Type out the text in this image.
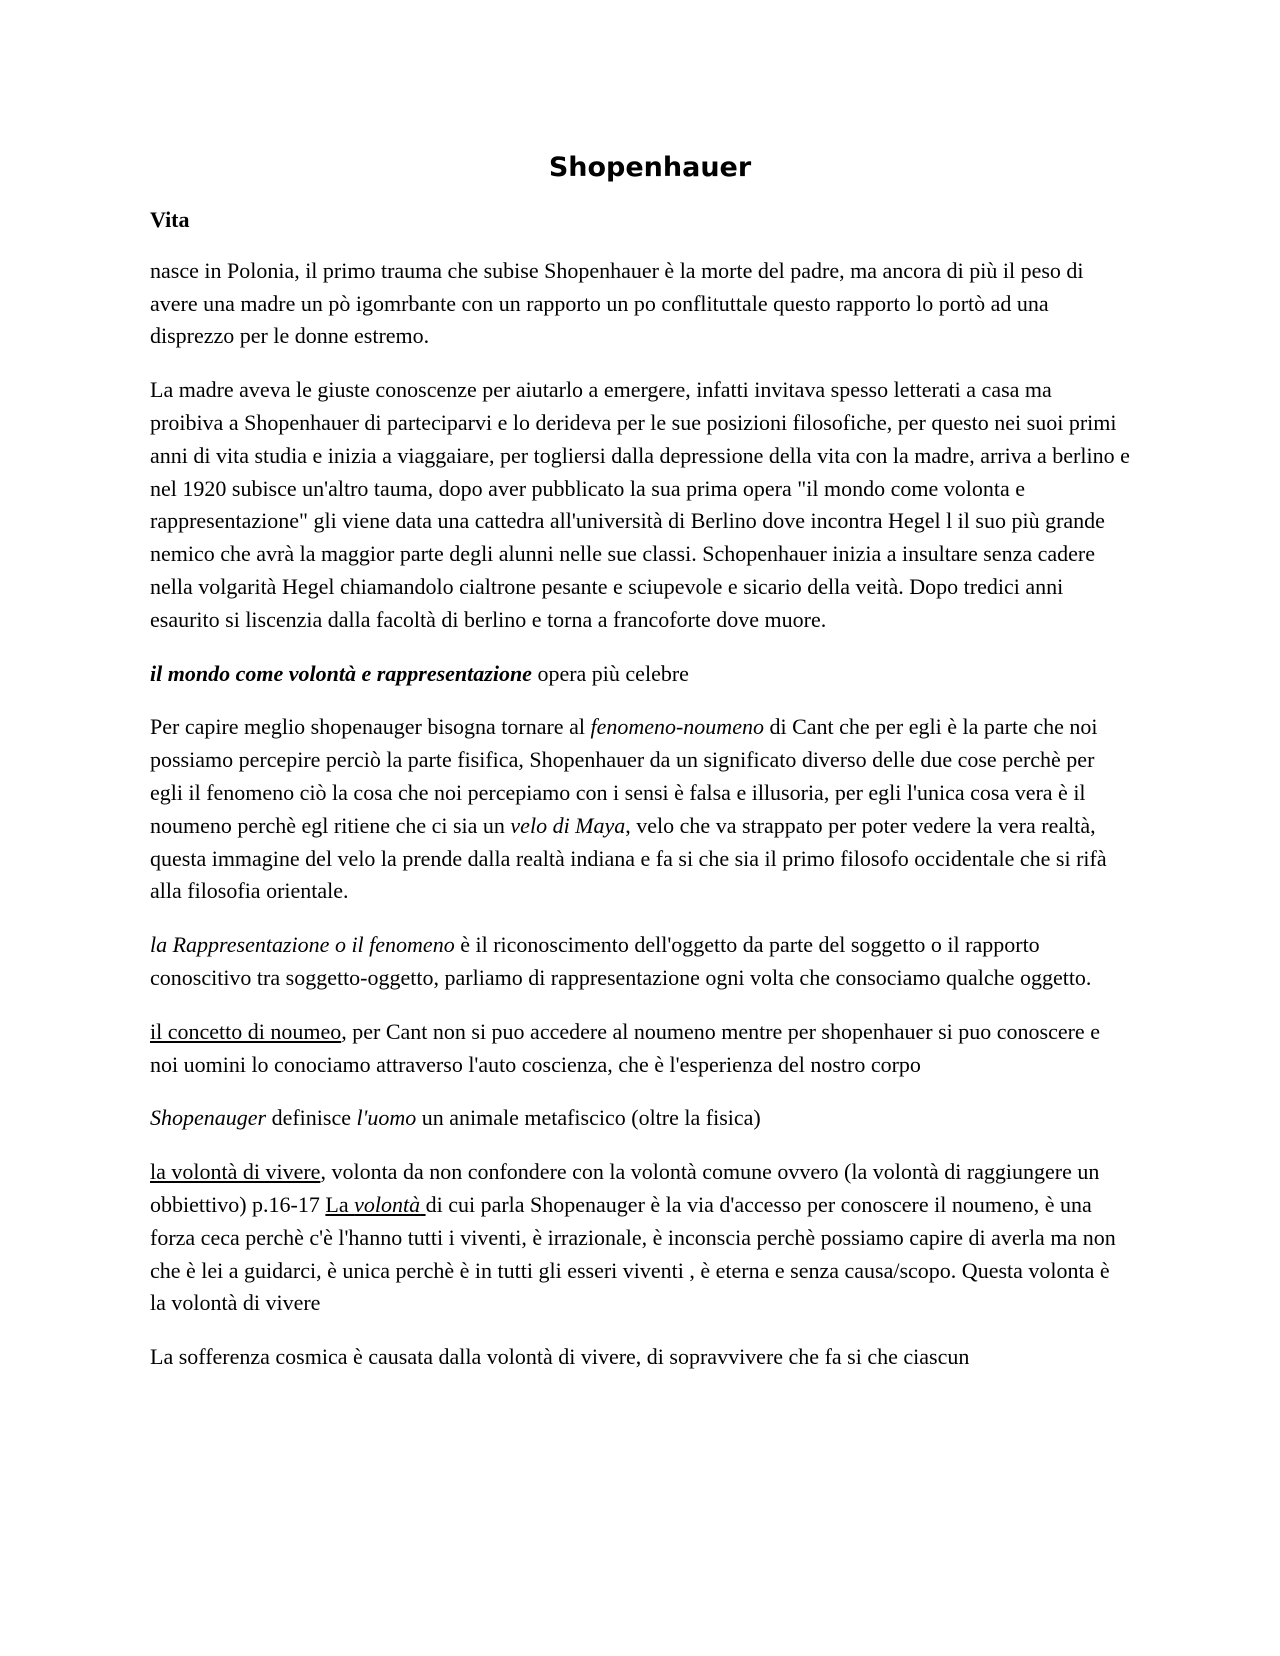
Shopenhauer
Vita

nasce in Polonia, il primo trauma che subise Shopenhauer è la morte del padre, ma ancora di più il peso di avere una madre un pò igomrbante con un rapporto un po conflituttale questo rapporto lo portò ad una disprezzo per le donne estremo.

La madre aveva le giuste conoscenze per aiutarlo a emergere, infatti invitava spesso letterati a casa ma proibiva a Shopenhauer di parteciparvi e lo derideva per le sue posizioni filosofiche, per questo nei suoi primi anni di vita studia e inizia a viaggaiare, per togliersi dalla depressione della vita con la madre, arriva a berlino e nel 1920 subisce un'altro tauma, dopo aver pubblicato la sua prima opera "il mondo come volonta e rappresentazione" gli viene data una cattedra all'università di Berlino dove incontra Hegel l il suo più grande nemico che avrà la maggior parte degli alunni nelle sue classi. Schopenhauer inizia a insultare senza cadere nella volgarità Hegel chiamandolo cialtrone pesante e sciupevole e sicario della veità. Dopo tredici anni esaurito si liscenzia dalla facoltà di berlino e torna a francoforte dove muore.

il mondo come volontà e rappresentazione opera più celebre

Per capire meglio shopenauger bisogna tornare al fenomeno-noumeno di Cant che per egli è la parte che noi possiamo percepire perciò la parte fisifica, Shopenhauer da un significato diverso delle due cose perchè per egli il fenomeno ciò la cosa che noi percepiamo con i sensi è falsa e illusoria, per egli l'unica cosa vera è il noumeno perchè egl ritiene che ci sia un velo di Maya, velo che va strappato per poter vedere la vera realtà, questa immagine del velo la prende dalla realtà indiana e fa si che sia il primo filosofo occidentale che si rifà alla filosofia orientale.

la Rappresentazione o il fenomeno è il riconoscimento dell'oggetto da parte del soggetto o il rapporto conoscitivo tra soggetto-oggetto, parliamo di rappresentazione ogni volta che consociamo qualche oggetto.

il concetto di noumeo, per Cant non si puo accedere al noumeno mentre per shopenhauer si puo conoscere e noi uomini lo conociamo attraverso l'auto coscienza, che è l'esperienza del nostro corpo

Shopenauger definisce l'uomo un animale metafiscico (oltre la fisica)

la volontà di vivere, volonta da non confondere con la volontà comune ovvero (la volontà di raggiungere un obbiettivo) p.16-17 La volontà di cui parla Shopenauger è la via d'accesso per conoscere il noumeno, è una forza ceca perchè c'è l'hanno tutti i viventi, è irrazionale, è inconscia perchè possiamo capire di averla ma non che è lei a guidarci, è unica perchè è in tutti gli esseri viventi , è eterna e senza causa/scopo. Questa volonta è la volontà di vivere

La sofferenza cosmica è causata dalla volontà di vivere, di sopravvivere che fa si che ciascun
